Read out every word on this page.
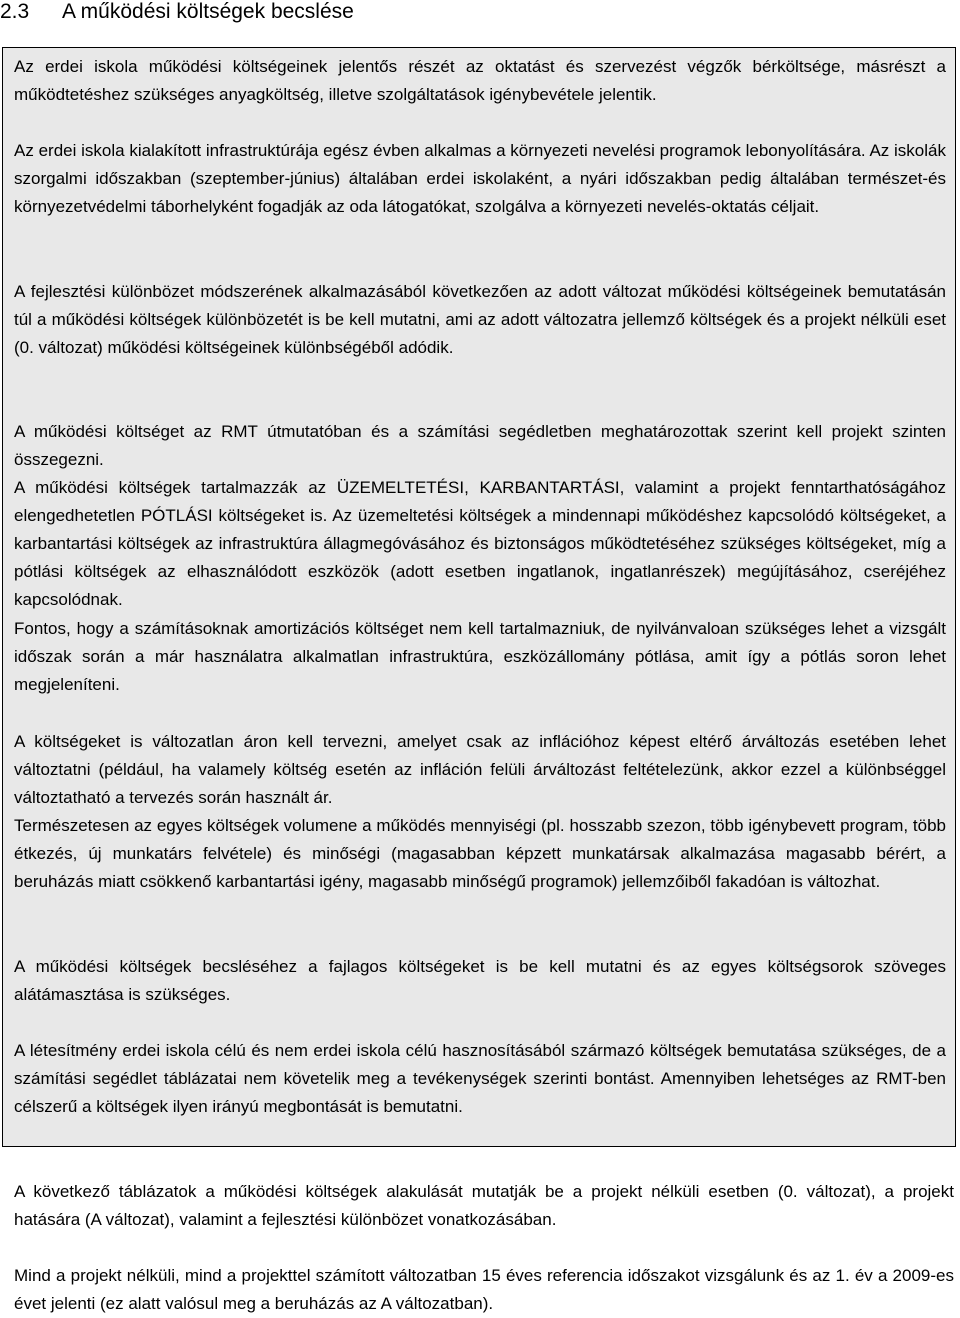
2.3 A működési költségek becslése

Az erdei iskola működési költségeinek jelentős részét az oktatást és szervezést végzők bérköltsége, másrészt a működtetéshez szükséges anyagköltség, illetve szolgáltatások igénybevétele jelentik.

Az erdei iskola kialakított infrastruktúrája egész évben alkalmas a környezeti nevelési programok lebonyolítására. Az iskolák szorgalmi időszakban (szeptember-június) általában erdei iskolaként, a nyári időszakban pedig általában természet-és környezetvédelmi táborhelyként fogadják az oda látogatókat, szolgálva a környezeti nevelés-oktatás céljait.

A fejlesztési különbözet módszerének alkalmazásából következően az adott változat működési költségeinek bemutatásán túl a működési költségek különbözetét is be kell mutatni, ami az adott változatra jellemző költségek és a projekt nélküli eset (0. változat) működési költségeinek különbségéből adódik.

A működési költséget az RMT útmutatóban és a számítási segédletben meghatározottak szerint kell projekt szinten összegezni.

A működési költségek tartalmazzák az ÜZEMELTETÉSI, KARBANTARTÁSI, valamint a projekt fenntarthatóságához elengedhetetlen PÓTLÁSI költségeket is. Az üzemeltetési költségek a mindennapi működéshez kapcsolódó költségeket, a karbantartási költségek az infrastruktúra állagmegóvásához és biztonságos működtetéséhez szükséges költségeket, míg a pótlási költségek az elhasználódott eszközök (adott esetben ingatlanok, ingatlanrészek) megújításához, cseréjéhez kapcsolódnak.

Fontos, hogy a számításoknak amortizációs költséget nem kell tartalmazniuk, de nyilvánvaloan szükséges lehet a vizsgált időszak során a már használatra alkalmatlan infrastruktúra, eszközállomány pótlása, amit így a pótlás soron lehet megjeleníteni.

A költségeket is változatlan áron kell tervezni, amelyet csak az inflációhoz képest eltérő árváltozás esetében lehet változtatni (például, ha valamely költség esetén az infláción felüli árváltozást feltételezünk, akkor ezzel a különbséggel változtatható a tervezés során használt ár.

Természetesen az egyes költségek volumene a működés mennyiségi (pl. hosszabb szezon, több igénybevett program, több étkezés, új munkatárs felvétele) és minőségi (magasabban képzett munkatársak alkalmazása magasabb bérért, a beruházás miatt csökkenő karbantartási igény, magasabb minőségű programok) jellemzőiből fakadóan is változhat.

A működési költségek becsléséhez a fajlagos költségeket is be kell mutatni és az egyes költségsorok szöveges alátámasztása is szükséges.

A létesítmény erdei iskola célú és nem erdei iskola célú hasznosításából származó költségek bemutatása szükséges, de a számítási segédlet táblázatai nem követelik meg a tevékenységek szerinti bontást. Amennyiben lehetséges az RMT-ben célszerű a költségek ilyen irányú megbontását is bemutatni.

A következő táblázatok a működési költségek alakulását mutatják be a projekt nélküli esetben (0. változat), a projekt hatására (A változat), valamint a fejlesztési különbözet vonatkozásában.

Mind a projekt nélküli, mind a projekttel számított változatban 15 éves referencia időszakot vizsgálunk és az 1. év a 2009-es évet jelenti (ez alatt valósul meg a beruházás az A változatban).
